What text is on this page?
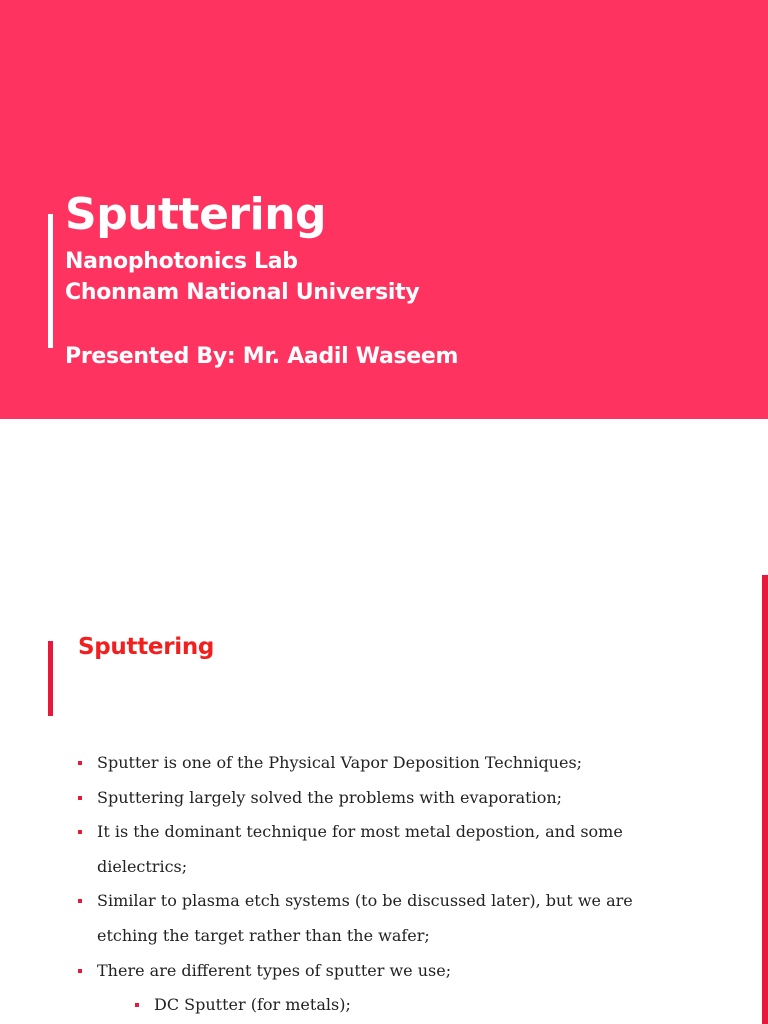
Sputtering

Nanophotonics Lab

Chonnam National University

Presented By: Mr. Aadil Waseem

Sputtering
Sputter is one of the Physical Vapor Deposition Techniques;
Sputtering largely solved the problems with evaporation;
It is the dominant technique for most metal depostion, and some dielectrics;
Similar to plasma etch systems (to be discussed later), but we are etching the target rather than the wafer;
There are different types of sputter we use;
DC Sputter (for metals);
